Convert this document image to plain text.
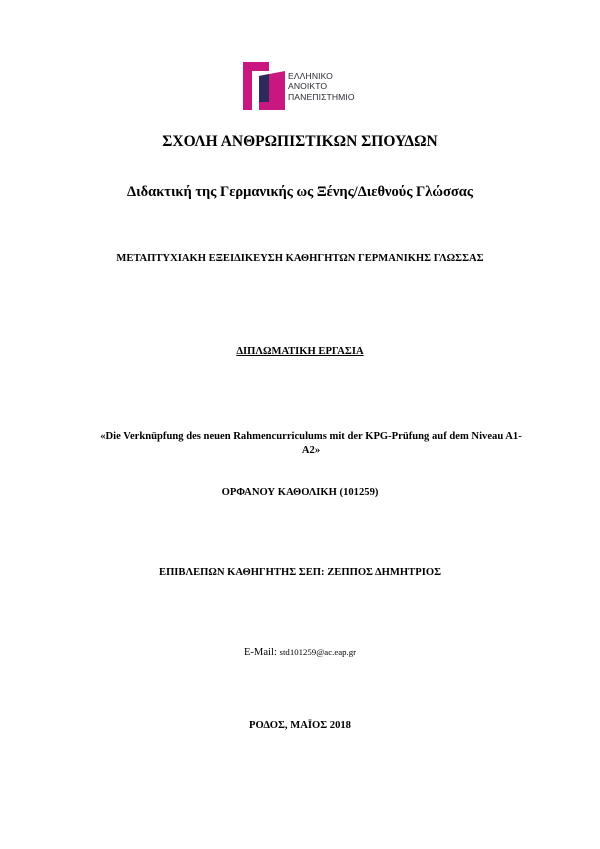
ΕΛΛΗΝΙΚΟ
ΑΝΟΙΚΤΟ
ΠΑΝΕΠΙΣΤΗΜΙΟ
ΣΧΟΛΗ ΑΝΘΡΩΠΙΣΤΙΚΩΝ ΣΠΟΥΔΩΝ
Διδακτική της Γερμανικής ως Ξένης/Διεθνούς Γλώσσας
ΜΕΤΑΠΤΥΧΙΑΚΗ ΕΞΕΙΔΙΚΕΥΣΗ ΚΑΘΗΓΗΤΩΝ ΓΕΡΜΑΝΙΚΗΣ ΓΛΩΣΣΑΣ
ΔΙΠΛΩΜΑΤΙΚΗ ΕΡΓΑΣΙΑ
«Die Verknüpfung des neuen Rahmencurriculums mit der KPG-Prüfung auf dem Niveau A1-A2»
ΟΡΦΑΝΟΥ ΚΑΘΟΛΙΚΗ (101259)
ΕΠΙΒΛΕΠΩΝ ΚΑΘΗΓΗΤΗΣ ΣΕΠ: ΖΕΠΠΟΣ ΔΗΜΗΤΡΙΟΣ
E-Mail: std101259@ac.eap.gr
ΡΟΔΟΣ, ΜΑΪΟΣ 2018
